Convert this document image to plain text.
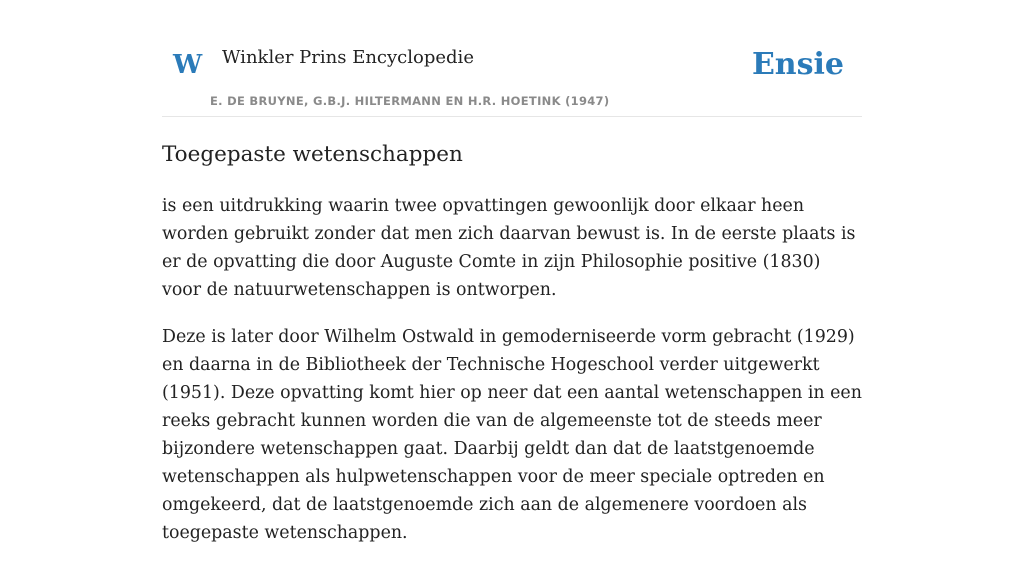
W Winkler Prins Encyclopedie
E. DE BRUYNE, G.B.J. HILTERMANN EN H.R. HOETINK (1947)
Ensie
Toegepaste wetenschappen

is een uitdrukking waarin twee opvattingen gewoonlijk door elkaar heen worden gebruikt zonder dat men zich daarvan bewust is. In de eerste plaats is er de opvatting die door Auguste Comte in zijn Philosophie positive (1830) voor de natuurwetenschappen is ontworpen.

Deze is later door Wilhelm Ostwald in gemoderniseerde vorm gebracht (1929) en daarna in de Bibliotheek der Technische Hogeschool verder uitgewerkt (1951). Deze opvatting komt hier op neer dat een aantal wetenschappen in een reeks gebracht kunnen worden die van de algemeenste tot de steeds meer bijzondere wetenschappen gaat. Daarbij geldt dan dat de laatstgenoemde wetenschappen als hulpwetenschappen voor de meer speciale optreden en omgekeerd, dat de laatstgenoemde zich aan de algemenere voordoen als toegepaste wetenschappen.
